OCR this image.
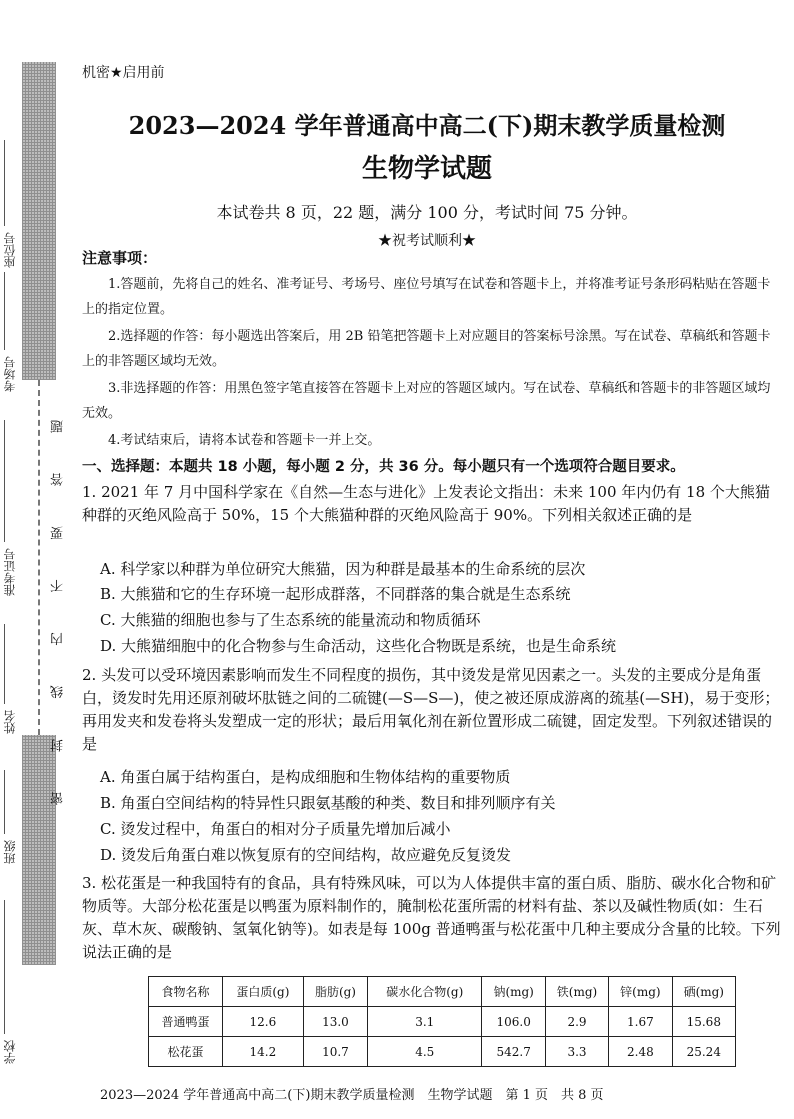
座位号
考场号
准考证号
姓名
班级
学校
密 封 线 内 不 要 答 题
机密★启用前
2023—2024 学年普通高中高二(下)期末教学质量检测
生物学试题
本试卷共 8 页，22 题，满分 100 分，考试时间 75 分钟。
★祝考试顺利★
注意事项：
1.答题前，先将自己的姓名、准考证号、考场号、座位号填写在试卷和答题卡上，并将准考证号条形码粘贴在答题卡上的指定位置。
2.选择题的作答：每小题选出答案后，用 2B 铅笔把答题卡上对应题目的答案标号涂黑。写在试卷、草稿纸和答题卡上的非答题区域均无效。
3.非选择题的作答：用黑色签字笔直接答在答题卡上对应的答题区域内。写在试卷、草稿纸和答题卡的非答题区域均无效。
4.考试结束后，请将本试卷和答题卡一并上交。
一、选择题：本题共 18 小题，每小题 2 分，共 36 分。每小题只有一个选项符合题目要求。
1. 2021 年 7 月中国科学家在《自然—生态与进化》上发表论文指出：未来 100 年内仍有 18 个大熊猫种群的灭绝风险高于 50%，15 个大熊猫种群的灭绝风险高于 90%。下列相关叙述正确的是
A. 科学家以种群为单位研究大熊猫，因为种群是最基本的生命系统的层次
B. 大熊猫和它的生存环境一起形成群落，不同群落的集合就是生态系统
C. 大熊猫的细胞也参与了生态系统的能量流动和物质循环
D. 大熊猫细胞中的化合物参与生命活动，这些化合物既是系统，也是生命系统
2. 头发可以受环境因素影响而发生不同程度的损伤，其中烫发是常见因素之一。头发的主要成分是角蛋白，烫发时先用还原剂破坏肽链之间的二硫键(—S—S—)，使之被还原成游离的巯基(—SH)，易于变形；再用发夹和发卷将头发塑成一定的形状；最后用氧化剂在新位置形成二硫键，固定发型。下列叙述错误的是
A. 角蛋白属于结构蛋白，是构成细胞和生物体结构的重要物质
B. 角蛋白空间结构的特异性只跟氨基酸的种类、数目和排列顺序有关
C. 烫发过程中，角蛋白的相对分子质量先增加后减小
D. 烫发后角蛋白难以恢复原有的空间结构，故应避免反复烫发
3. 松花蛋是一种我国特有的食品，具有特殊风味，可以为人体提供丰富的蛋白质、脂肪、碳水化合物和矿物质等。大部分松花蛋是以鸭蛋为原料制作的，腌制松花蛋所需的材料有盐、茶以及碱性物质(如：生石灰、草木灰、碳酸钠、氢氧化钠等)。如表是每 100g 普通鸭蛋与松花蛋中几种主要成分含量的比较。下列说法正确的是
食物名称	蛋白质(g)	脂肪(g)	碳水化合物(g)	钠(mg)	铁(mg)	锌(mg)	硒(mg)
普通鸭蛋	12.6	13.0	3.1	106.0	2.9	1.67	15.68
松花蛋	14.2	10.7	4.5	542.7	3.3	2.48	25.24
2023—2024 学年普通高中高二(下)期末教学质量检测　生物学试题　第 1 页　共 8 页
